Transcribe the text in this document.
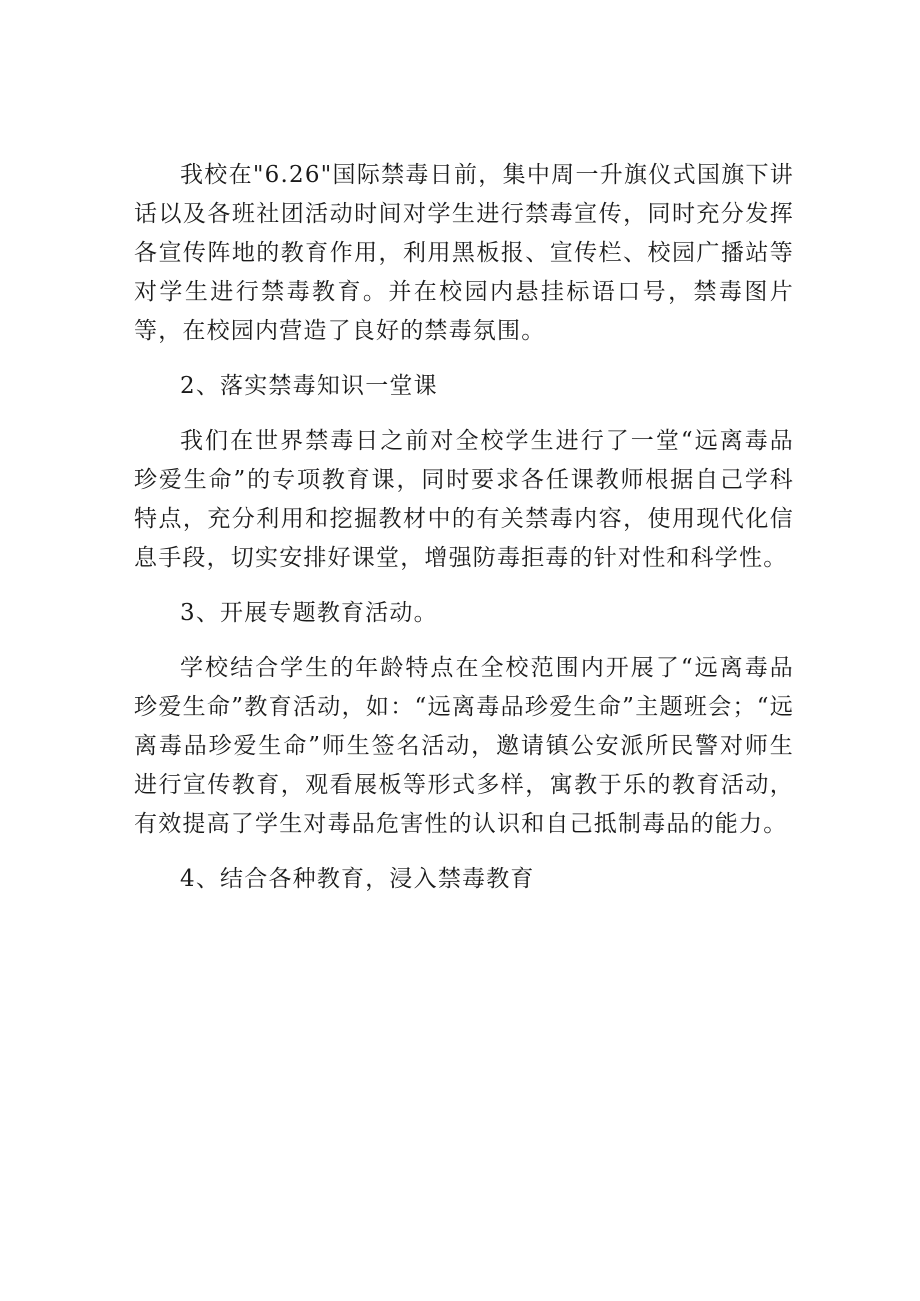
我校在"6.26"国际禁毒日前，集中周一升旗仪式国旗下讲话以及各班社团活动时间对学生进行禁毒宣传，同时充分发挥各宣传阵地的教育作用，利用黑板报、宣传栏、校园广播站等对学生进行禁毒教育。并在校园内悬挂标语口号，禁毒图片等，在校园内营造了良好的禁毒氛围。

2、落实禁毒知识一堂课

我们在世界禁毒日之前对全校学生进行了一堂“远离毒品珍爱生命”的专项教育课，同时要求各任课教师根据自己学科特点，充分利用和挖掘教材中的有关禁毒内容，使用现代化信息手段，切实安排好课堂，增强防毒拒毒的针对性和科学性。

3、开展专题教育活动。

学校结合学生的年龄特点在全校范围内开展了“远离毒品珍爱生命”教育活动，如：“远离毒品珍爱生命”主题班会；“远离毒品珍爱生命”师生签名活动，邀请镇公安派所民警对师生进行宣传教育，观看展板等形式多样，寓教于乐的教育活动，有效提高了学生对毒品危害性的认识和自己抵制毒品的能力。

4、结合各种教育，浸入禁毒教育
